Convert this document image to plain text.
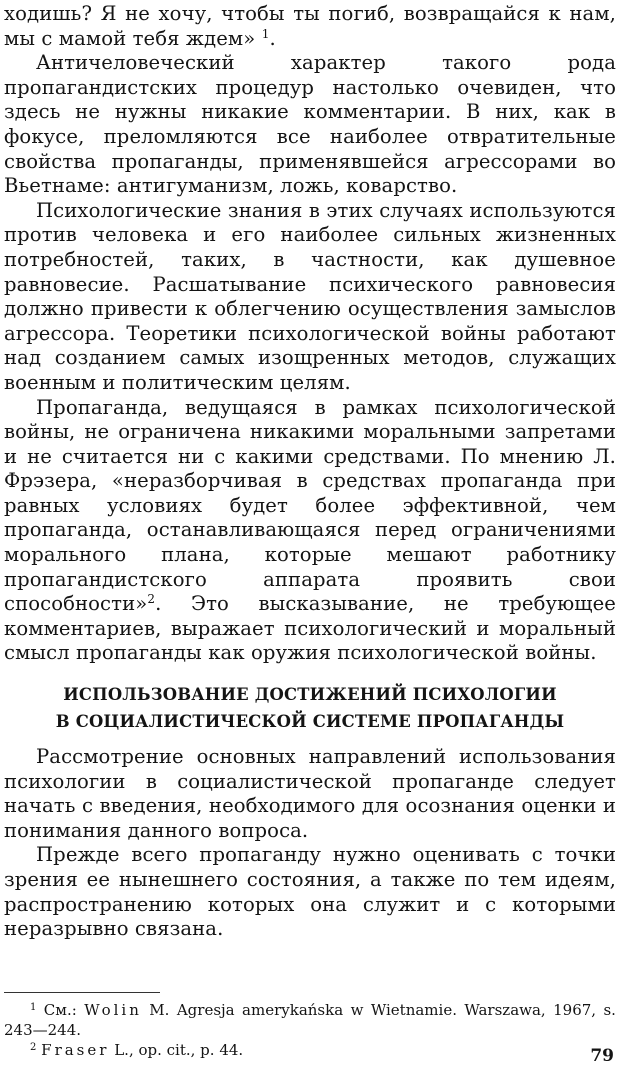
ходишь? Я не хочу, чтобы ты погиб, возвращайся к нам, мы с мамой тебя ждем» $^1$.

Античеловеческий характер такого рода пропагандистских процедур настолько очевиден, что здесь не нужны никакие комментарии. В них, как в фокусе, преломляются все наиболее отвратительные свойства пропаганды, применявшейся агрессорами во Вьетнаме: антигуманизм, ложь, коварство.

Психологические знания в этих случаях используются против человека и его наиболее сильных жизненных потребностей, таких, в частности, как душевное равновесие. Расшатывание психического равновесия должно привести к облегчению осуществления замыслов агрессора. Теоретики психологической войны работают над созданием самых изощренных методов, служащих военным и политическим целям.

Пропаганда, ведущаяся в рамках психологической войны, не ограничена никакими моральными запретами и не считается ни с какими средствами. По мнению Л. Фрэзера, «неразборчивая в средствах пропаганда при равных условиях будет более эффективной, чем пропаганда, останавливающаяся перед ограничениями морального плана, которые мешают работнику пропагандистского аппарата проявить свои способности»$^2$. Это высказывание, не требующее комментариев, выражает психологический и моральный смысл пропаганды как оружия психологической войны.

ИСПОЛЬЗОВАНИЕ ДОСТИЖЕНИЙ ПСИХОЛОГИИ
В СОЦИАЛИСТИЧЕСКОЙ СИСТЕМЕ ПРОПАГАНДЫ

Рассмотрение основных направлений использования психологии в социалистической пропаганде следует начать с введения, необходимого для осознания оценки и понимания данного вопроса.

Прежде всего пропаганду нужно оценивать с точки зрения ее нынешнего состояния, а также по тем идеям, распространению которых она служит и с которыми неразрывно связана.

$^1$ См.: Wolin M. Agresja amerykańska w Wietnamie. Warszawa, 1967, s. 243—244.

$^2$ Fraser L., op. cit., p. 44.	79
